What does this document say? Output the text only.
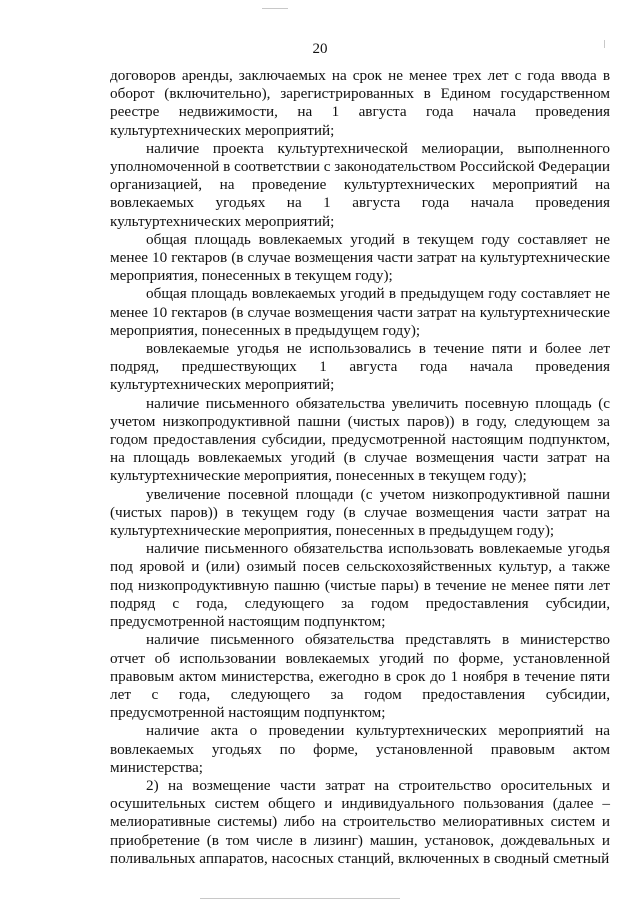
20

договоров аренды, заключаемых на срок не менее трех лет с года ввода в оборот (включительно), зарегистрированных в Едином государственном реестре недвижимости, на 1 августа года начала проведения культуртехнических мероприятий;

наличие проекта культуртехнической мелиорации, выполненного уполномоченной в соответствии с законодательством Российской Федерации организацией, на проведение культуртехнических мероприятий на вовлекаемых угодьях на 1 августа года начала проведения культуртехнических мероприятий;

общая площадь вовлекаемых угодий в текущем году составляет не менее 10 гектаров (в случае возмещения части затрат на культуртехнические мероприятия, понесенных в текущем году);

общая площадь вовлекаемых угодий в предыдущем году составляет не менее 10 гектаров (в случае возмещения части затрат на культуртехнические мероприятия, понесенных в предыдущем году);

вовлекаемые угодья не использовались в течение пяти и более лет подряд, предшествующих 1 августа года начала проведения культуртехнических мероприятий;

наличие письменного обязательства увеличить посевную площадь (с учетом низкопродуктивной пашни (чистых паров)) в году, следующем за годом предоставления субсидии, предусмотренной настоящим подпунктом, на площадь вовлекаемых угодий (в случае возмещения части затрат на культуртехнические мероприятия, понесенных в текущем году);

увеличение посевной площади (с учетом низкопродуктивной пашни (чистых паров)) в текущем году (в случае возмещения части затрат на культуртехнические мероприятия, понесенных в предыдущем году);

наличие письменного обязательства использовать вовлекаемые угодья под яровой и (или) озимый посев сельскохозяйственных культур, а также под низкопродуктивную пашню (чистые пары) в течение не менее пяти лет подряд с года, следующего за годом предоставления субсидии, предусмотренной настоящим подпунктом;

наличие письменного обязательства представлять в министерство отчет об использовании вовлекаемых угодий по форме, установленной правовым актом министерства, ежегодно в срок до 1 ноября в течение пяти лет с года, следующего за годом предоставления субсидии, предусмотренной настоящим подпунктом;

наличие акта о проведении культуртехнических мероприятий на вовлекаемых угодьях по форме, установленной правовым актом министерства;

2) на возмещение части затрат на строительство оросительных и осушительных систем общего и индивидуального пользования (далее – мелиоративные системы) либо на строительство мелиоративных систем и приобретение (в том числе в лизинг) машин, установок, дождевальных и поливальных аппаратов, насосных станций, включенных в сводный сметный
